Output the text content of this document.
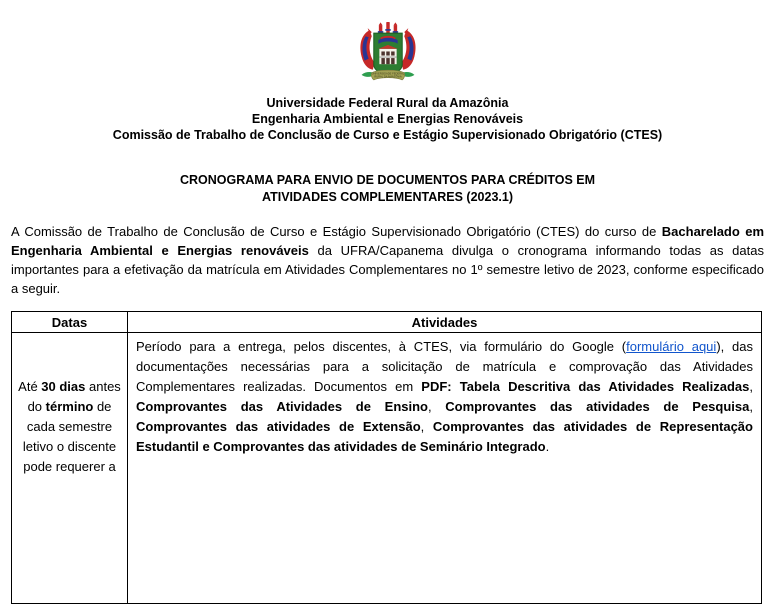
UNIVERSIDADE FEDERAL
RURAL DA AMAZÔNIA
Universidade Federal Rural da Amazônia
Engenharia Ambiental e Energias Renováveis
Comissão de Trabalho de Conclusão de Curso e Estágio Supervisionado Obrigatório (CTES)
CRONOGRAMA PARA ENVIO DE DOCUMENTOS PARA CRÉDITOS EM
ATIVIDADES COMPLEMENTARES (2023.1)

A Comissão de Trabalho de Conclusão de Curso e Estágio Supervisionado Obrigatório (CTES) do curso de Bacharelado em Engenharia Ambiental e Energias renováveis da UFRA/Capanema divulga o cronograma informando todas as datas importantes para a efetivação da matrícula em Atividades Complementares no 1º semestre letivo de 2023, conforme especificado a seguir.

Datas	Atividades
Até 30 dias antes do término de cada semestre letivo o discente pode requerer a	Período para a entrega, pelos discentes, à CTES, via formulário do Google (formulário aqui), das documentações necessárias para a solicitação de matrícula e comprovação das Atividades Complementares realizadas. Documentos em PDF: Tabela Descritiva das Atividades Realizadas, Comprovantes das Atividades de Ensino, Comprovantes das atividades de Pesquisa, Comprovantes das atividades de Extensão, Comprovantes das atividades de Representação Estudantil e Comprovantes das atividades de Seminário Integrado.
